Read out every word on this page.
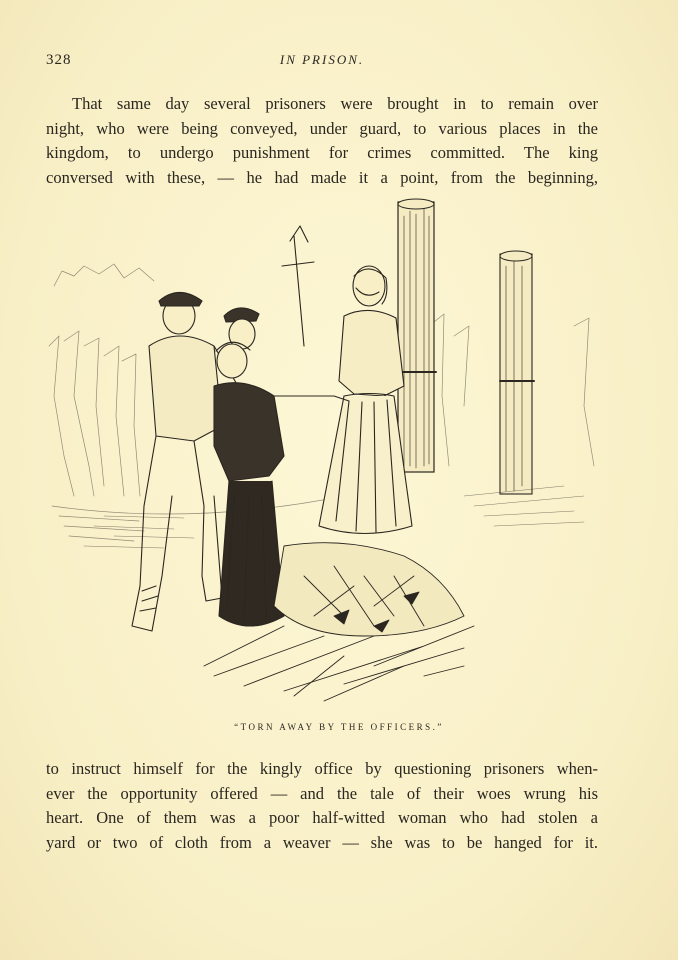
328	IN PRISON.

That same day several prisoners were brought in to remain over
night, who were being conveyed, under guard, to various places in the
kingdom, to undergo punishment for crimes committed. The king
conversed with these, — he had made it a point, from the beginning,

“TORN AWAY BY THE OFFICERS.”

to instruct himself for the kingly office by questioning prisoners when-
ever the opportunity offered — and the tale of their woes wrung his
heart. One of them was a poor half-witted woman who had stolen a
yard or two of cloth from a weaver — she was to be hanged for it.
